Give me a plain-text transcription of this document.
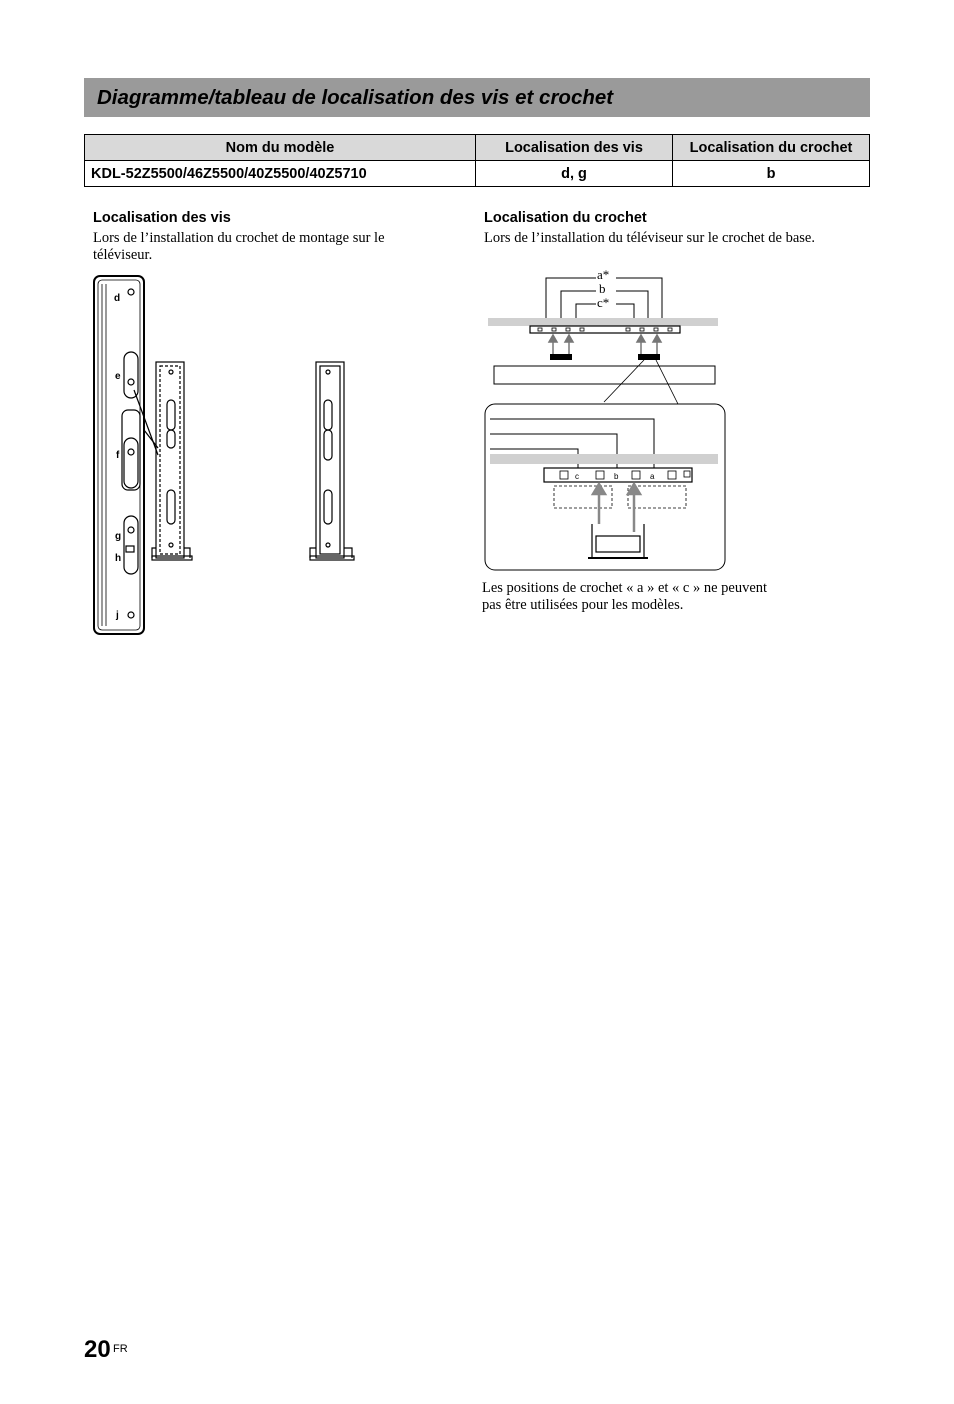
Diagramme/tableau de localisation des vis et crochet
Nom du modèle	Localisation des vis	Localisation du crochet
KDL-52Z5500/46Z5500/40Z5500/40Z5710	d, g	b
Localisation des vis
Lors de l’installation du crochet de montage sur le téléviseur.
Localisation du crochet
Lors de l’installation du téléviseur sur le crochet de base.
d
e
f
g
h
j
a*
b
c*
c	b	a
Les positions de crochet « a » et « c » ne peuvent pas être utilisées pour les modèles.
20 FR
